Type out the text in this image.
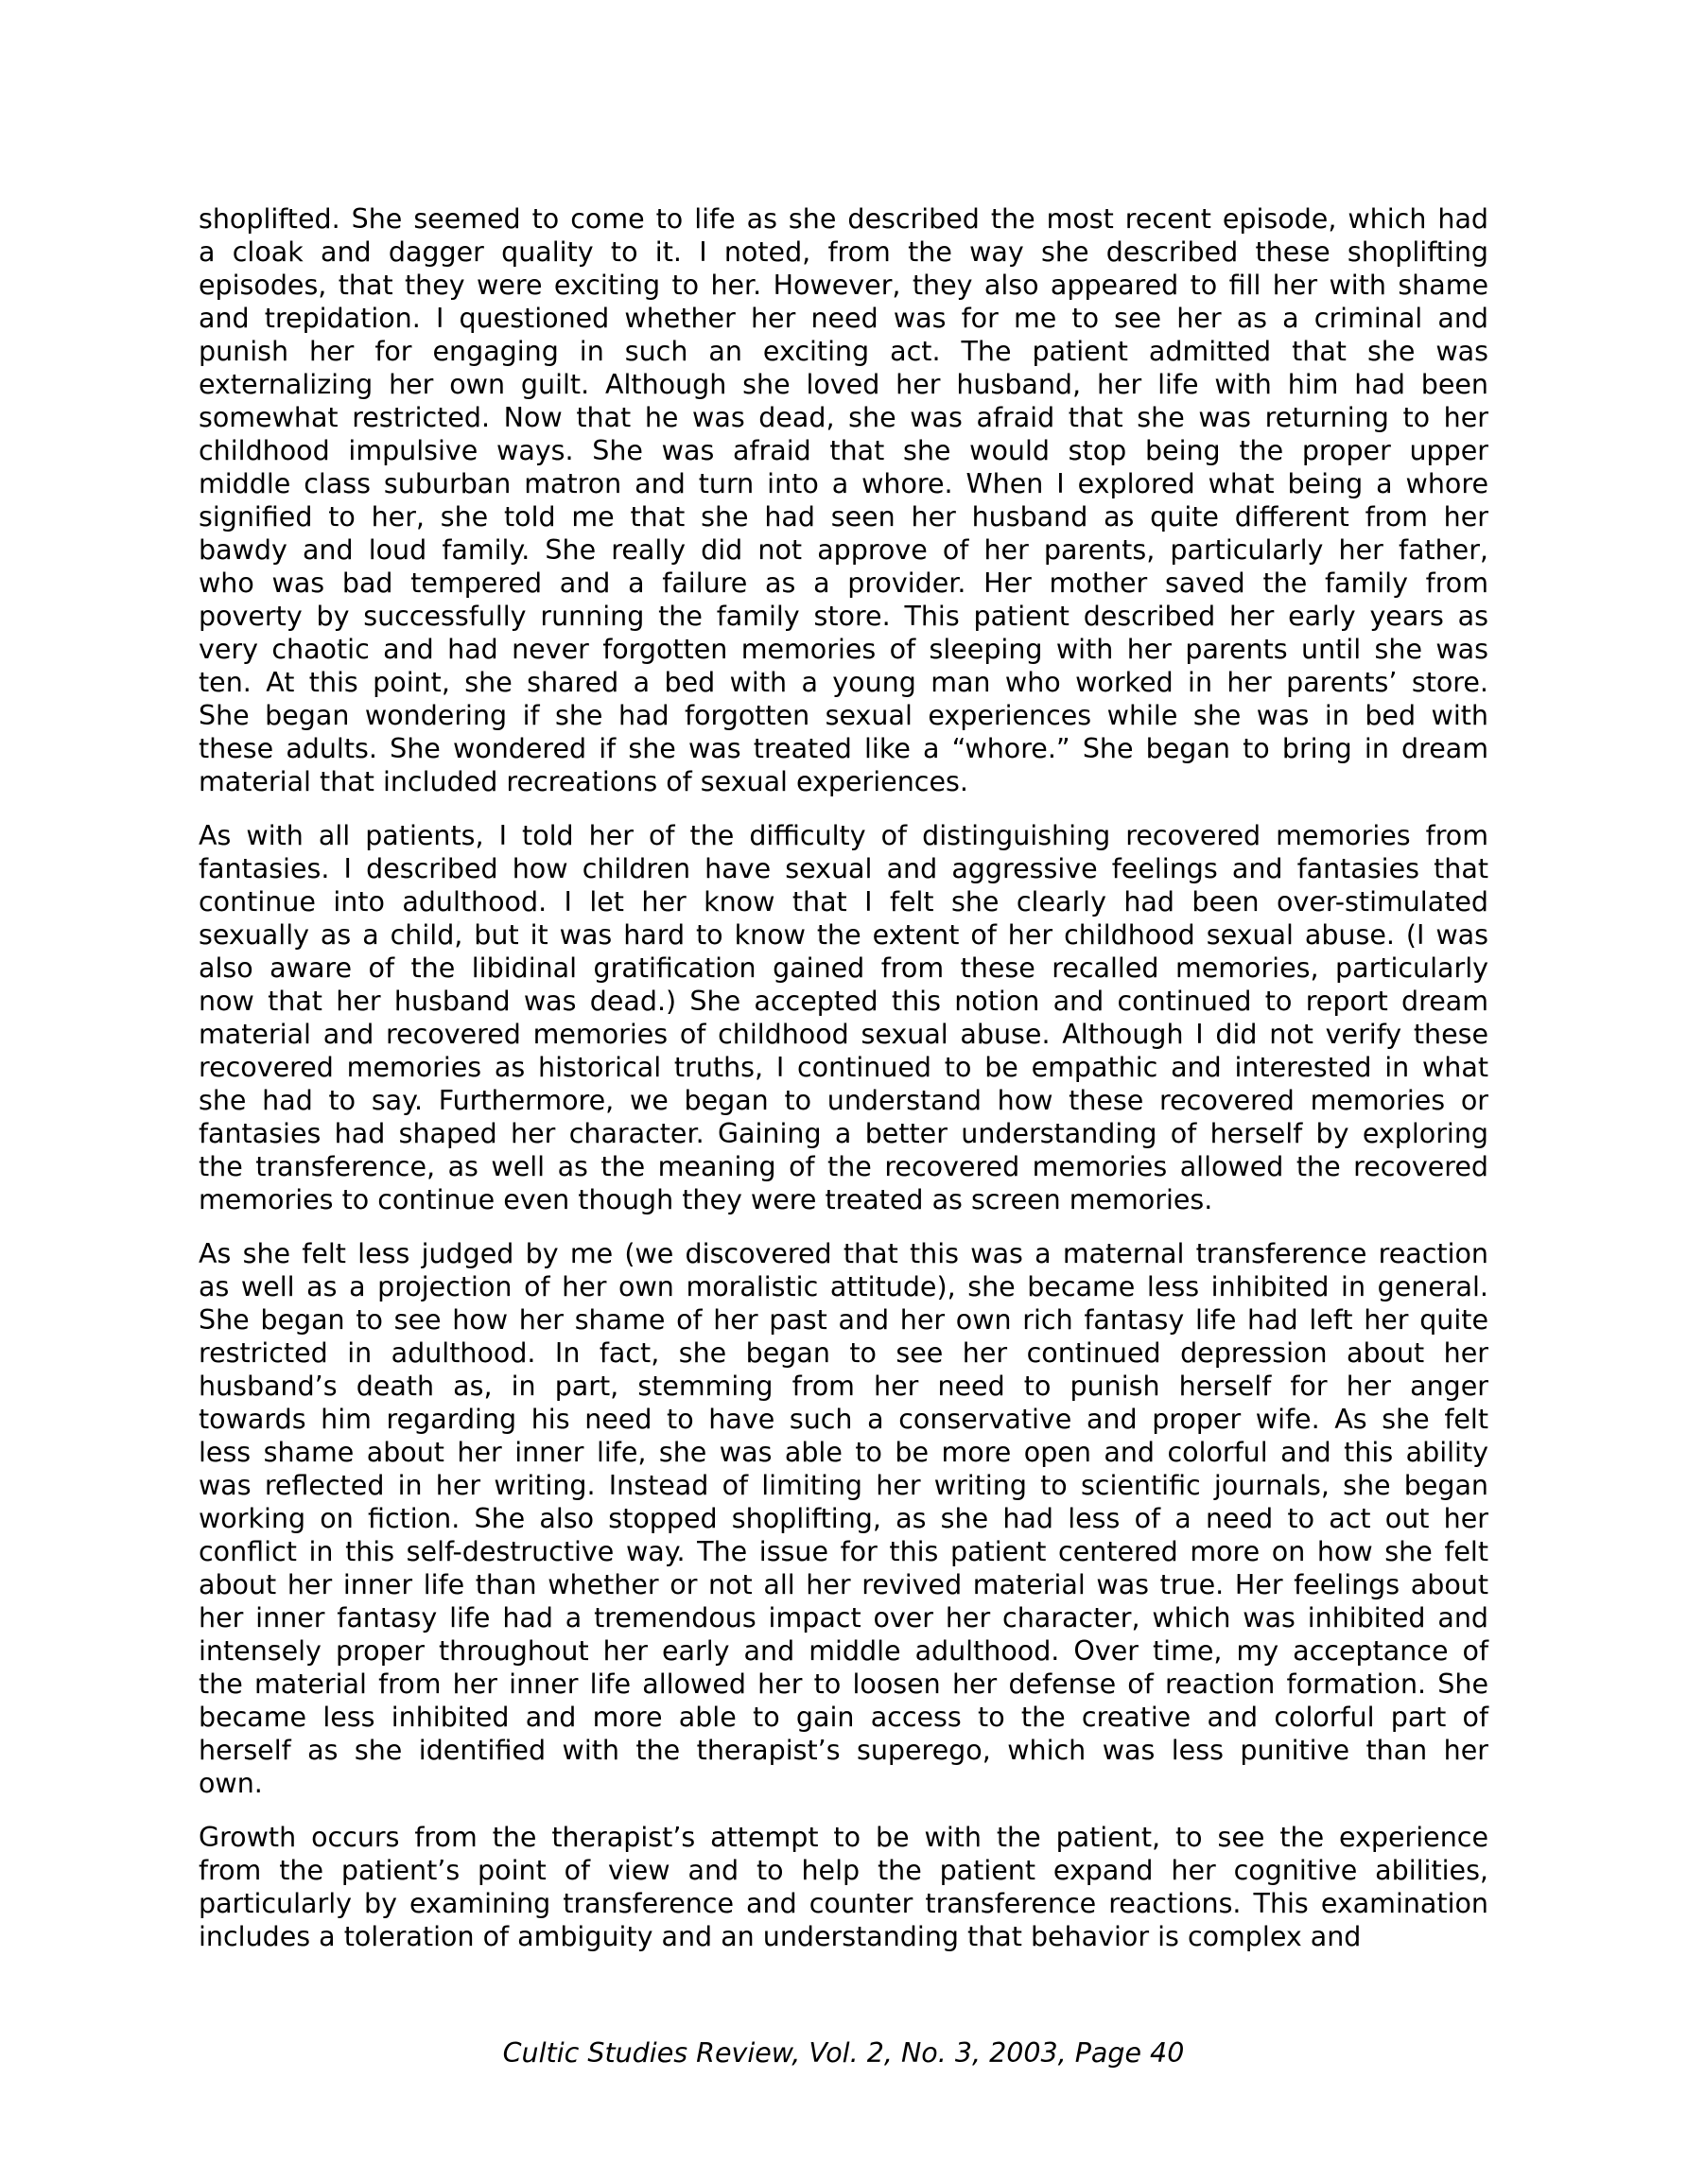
shoplifted. She seemed to come to life as she described the most recent episode, which had
a cloak and dagger quality to it. I noted, from the way she described these shoplifting
episodes, that they were exciting to her. However, they also appeared to fill her with shame
and trepidation. I questioned whether her need was for me to see her as a criminal and
punish her for engaging in such an exciting act. The patient admitted that she was
externalizing her own guilt. Although she loved her husband, her life with him had been
somewhat restricted. Now that he was dead, she was afraid that she was returning to her
childhood impulsive ways. She was afraid that she would stop being the proper upper
middle class suburban matron and turn into a whore. When I explored what being a whore
signified to her, she told me that she had seen her husband as quite different from her
bawdy and loud family. She really did not approve of her parents, particularly her father,
who was bad tempered and a failure as a provider. Her mother saved the family from
poverty by successfully running the family store. This patient described her early years as
very chaotic and had never forgotten memories of sleeping with her parents until she was
ten. At this point, she shared a bed with a young man who worked in her parents’ store.
She began wondering if she had forgotten sexual experiences while she was in bed with
these adults. She wondered if she was treated like a “whore.” She began to bring in dream
material that included recreations of sexual experiences.
As with all patients, I told her of the difficulty of distinguishing recovered memories from
fantasies. I described how children have sexual and aggressive feelings and fantasies that
continue into adulthood. I let her know that I felt she clearly had been over-stimulated
sexually as a child, but it was hard to know the extent of her childhood sexual abuse. (I was
also aware of the libidinal gratification gained from these recalled memories, particularly
now that her husband was dead.) She accepted this notion and continued to report dream
material and recovered memories of childhood sexual abuse. Although I did not verify these
recovered memories as historical truths, I continued to be empathic and interested in what
she had to say. Furthermore, we began to understand how these recovered memories or
fantasies had shaped her character. Gaining a better understanding of herself by exploring
the transference, as well as the meaning of the recovered memories allowed the recovered
memories to continue even though they were treated as screen memories.
As she felt less judged by me (we discovered that this was a maternal transference reaction
as well as a projection of her own moralistic attitude), she became less inhibited in general.
She began to see how her shame of her past and her own rich fantasy life had left her quite
restricted in adulthood. In fact, she began to see her continued depression about her
husband’s death as, in part, stemming from her need to punish herself for her anger
towards him regarding his need to have such a conservative and proper wife. As she felt
less shame about her inner life, she was able to be more open and colorful and this ability
was reflected in her writing. Instead of limiting her writing to scientific journals, she began
working on fiction. She also stopped shoplifting, as she had less of a need to act out her
conflict in this self-destructive way. The issue for this patient centered more on how she felt
about her inner life than whether or not all her revived material was true. Her feelings about
her inner fantasy life had a tremendous impact over her character, which was inhibited and
intensely proper throughout her early and middle adulthood. Over time, my acceptance of
the material from her inner life allowed her to loosen her defense of reaction formation. She
became less inhibited and more able to gain access to the creative and colorful part of
herself as she identified with the therapist’s superego, which was less punitive than her
own.
Growth occurs from the therapist’s attempt to be with the patient, to see the experience
from the patient’s point of view and to help the patient expand her cognitive abilities,
particularly by examining transference and counter transference reactions. This examination
includes a toleration of ambiguity and an understanding that behavior is complex and
Cultic Studies Review, Vol. 2, No. 3, 2003, Page 40
